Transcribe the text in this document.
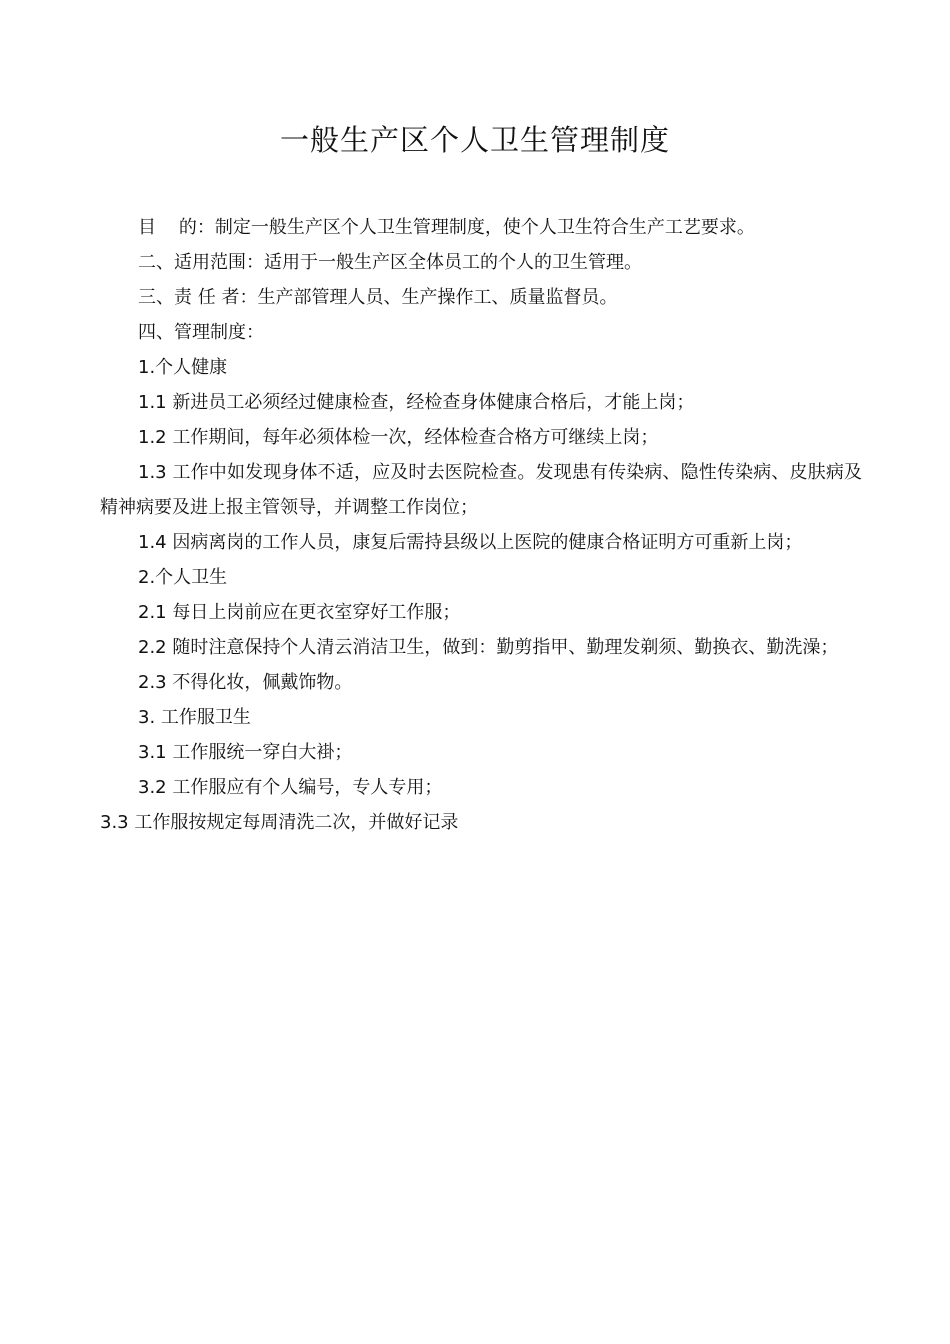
一般生产区个人卫生管理制度

目    的：制定一般生产区个人卫生管理制度，使个人卫生符合生产工艺要求。

二、适用范围：适用于一般生产区全体员工的个人的卫生管理。

三、责 任 者：生产部管理人员、生产操作工、质量监督员。

四、管理制度：

1.个人健康

1.1 新进员工必须经过健康检查，经检查身体健康合格后，才能上岗；

1.2 工作期间，每年必须体检一次，经体检查合格方可继续上岗；

1.3 工作中如发现身体不适，应及时去医院检查。发现患有传染病、隐性传染病、皮肤病及精神病要及进上报主管领导，并调整工作岗位；

1.4 因病离岗的工作人员，康复后需持县级以上医院的健康合格证明方可重新上岗；

2.个人卫生

2.1 每日上岗前应在更衣室穿好工作服；

2.2 随时注意保持个人清云消洁卫生，做到：勤剪指甲、勤理发剃须、勤换衣、勤洗澡；

2.3 不得化妆，佩戴饰物。

3. 工作服卫生

3.1 工作服统一穿白大褂；

3.2 工作服应有个人编号，专人专用；

3.3 工作服按规定每周清洗二次，并做好记录
